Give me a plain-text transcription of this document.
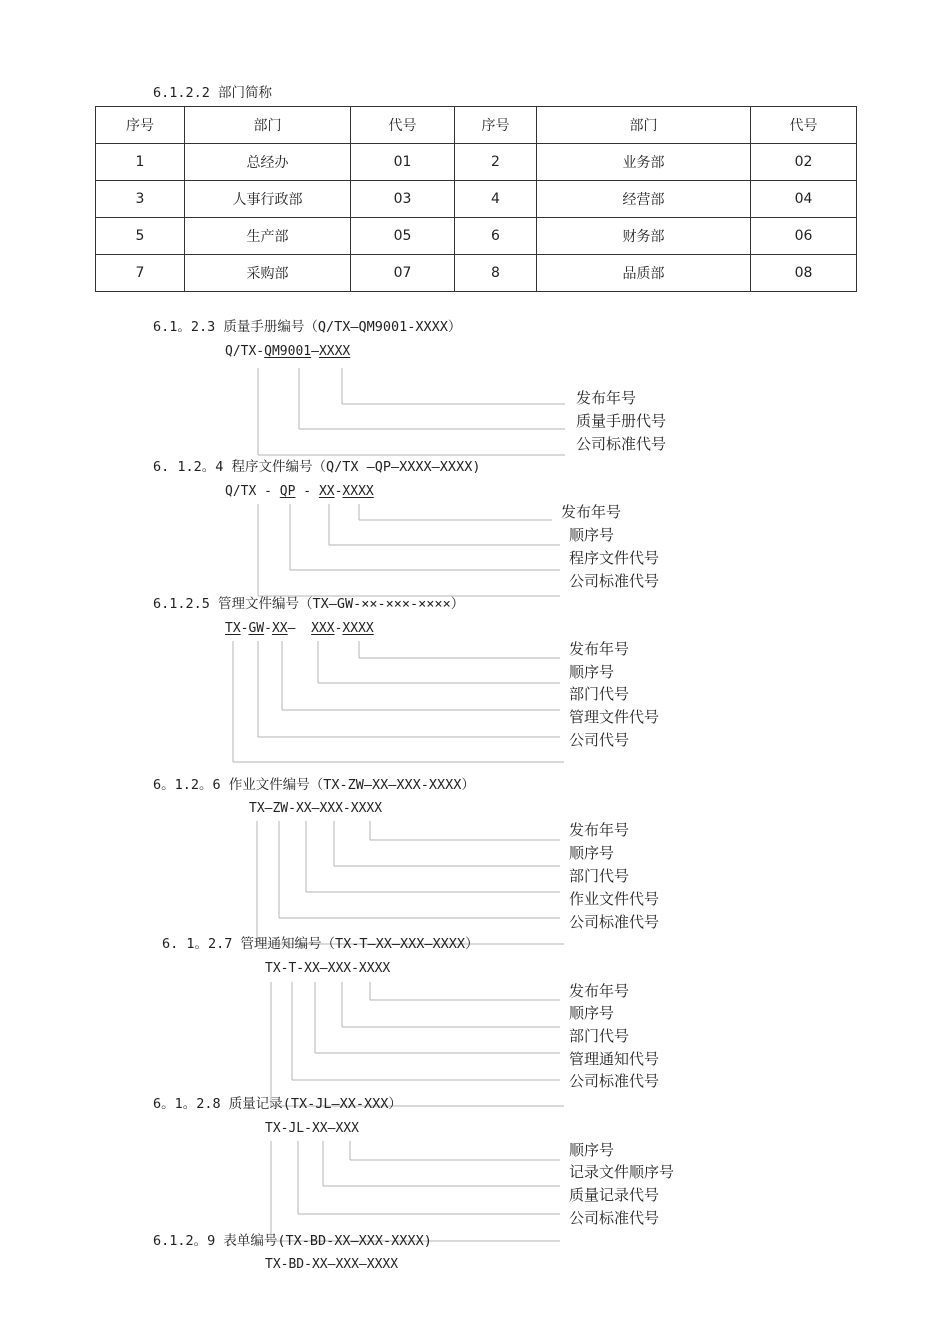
6.1.2.2 部门简称
序号	部门	代号	序号	部门	代号
1	总经办	01	2	业务部	02
3	人事行政部	03	4	经营部	04
5	生产部	05	6	财务部	06
7	采购部	07	8	品质部	08
6.1。2.3 质量手册编号（Q/TX—QM9001-XXXX）
Q/TX-QM9001—XXXX
发布年号
质量手册代号
公司标准代号
6. 1.2。4 程序文件编号（Q/TX —QP—XXXX—XXXX)
Q/TX - QP - XX-XXXX
发布年号
顺序号
程序文件代号
公司标准代号
6.1.2.5 管理文件编号（TX—GW-××-×××-××××）
TX-GW-XX—  XXX-XXXX
发布年号
顺序号
部门代号
管理文件代号
公司代号
6。1.2。6 作业文件编号（TX-ZW—XX—XXX-XXXX）
TX—ZW-XX—XXX-XXXX
发布年号
顺序号
部门代号
作业文件代号
公司标准代号
6. 1。2.7 管理通知编号（TX-T—XX—XXX—XXXX）
TX-T-XX—XXX-XXXX
发布年号
顺序号
部门代号
管理通知代号
公司标准代号
6。1。2.8 质量记录(TX-JL—XX-XXX）
TX-JL-XX—XXX
顺序号
记录文件顺序号
质量记录代号
公司标准代号
6.1.2。9 表单编号(TX-BD-XX—XXX-XXXX)
TX-BD-XX—XXX—XXXX
